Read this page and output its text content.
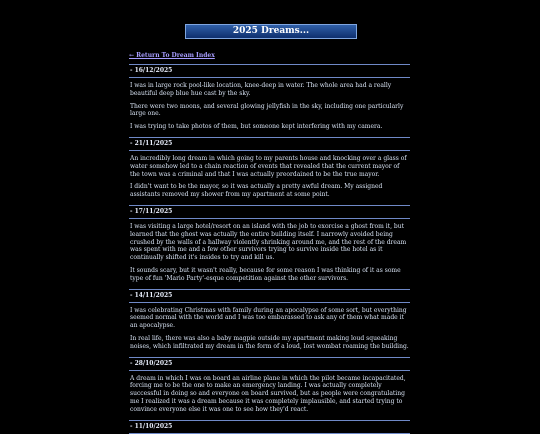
2025 Dreams...
← Return To Dream Index
- 16/12/2025

I was in large rock pool-like location, knee-deep in water. The whole area had a really beautiful deep blue hue cast by the sky.

There were two moons, and several glowing jellyfish in the sky, including one particularly large one.

I was trying to take photos of them, but someone kept interfering with my camera.

- 21/11/2025

An incredibly long dream in which going to my parents house and knocking over a glass of water somehow led to a chain reaction of events that revealed that the current mayor of the town was a criminal and that I was actually preordained to be the true mayor.

I didn't want to be the mayor, so it was actually a pretty awful dream. My assigned assistants removed my shower from my apartment at some point.

- 17/11/2025

I was visiting a large hotel/resort on an island with the job to exorcise a ghost from it, but learned that the ghost was actually the entire building itself. I narrowly avoided being crushed by the walls of a hallway violently shrinking around me, and the rest of the dream was spent with me and a few other survivors trying to survive inside the hotel as it continually shifted it's insides to try and kill us.

It sounds scary, but it wasn't really, because for some reason I was thinking of it as some type of fun 'Mario Party'-esque competition against the other survivors.

- 14/11/2025

I was celebrating Christmas with family during an apocalypse of some sort, but everything seemed normal with the world and I was too embarassed to ask any of them what made it an apocalypse.

In real life, there was also a baby magpie outside my apartment making loud squeaking noises, which infiltrated my dream in the form of a loud, lost wombat roaming the building.

- 28/10/2025

A dream in which I was on board an airline plane in which the pilot became incapacitated, forcing me to be the one to make an emergency landing. I was actually completely successful in doing so and everyone on board survived, but as people were congratulating me I realized it was a dream because it was completely implausible, and started trying to convince everyone else it was one to see how they'd react.

- 11/10/2025
